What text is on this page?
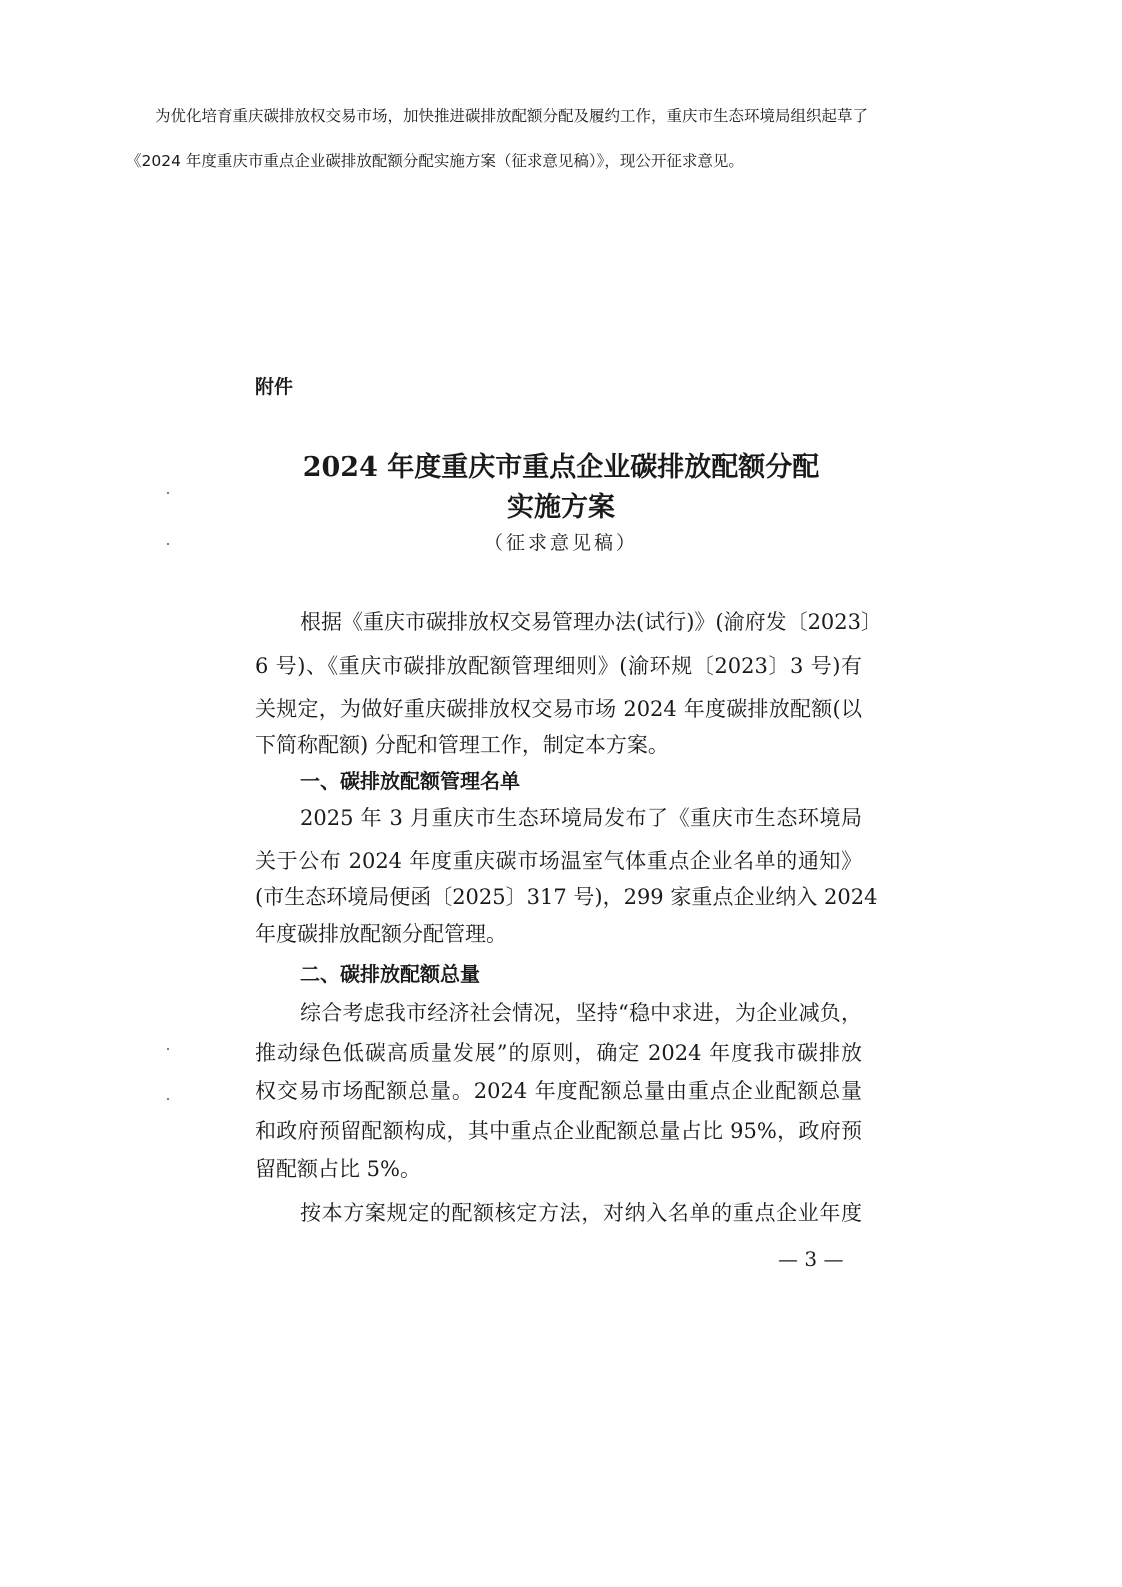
为优化培育重庆碳排放权交易市场，加快推进碳排放配额分配及履约工作，重庆市生态环境局组织起草了
《2024 年度重庆市重点企业碳排放配额分配实施方案（征求意见稿）》，现公开征求意见。
附件
2024 年度重庆市重点企业碳排放配额分配
实施方案
（征求意见稿）
根据《重庆市碳排放权交易管理办法(试行)》(渝府发〔2023〕
6 号)、《重庆市碳排放配额管理细则》(渝环规〔2023〕3 号)有
关规定，为做好重庆碳排放权交易市场 2024 年度碳排放配额(以
下简称配额) 分配和管理工作，制定本方案。
一、碳排放配额管理名单
2025 年 3 月重庆市生态环境局发布了《重庆市生态环境局
关于公布 2024 年度重庆碳市场温室气体重点企业名单的通知》
(市生态环境局便函〔2025〕317 号)，299 家重点企业纳入 2024
年度碳排放配额分配管理。
二、碳排放配额总量
综合考虑我市经济社会情况，坚持“稳中求进，为企业减负，
推动绿色低碳高质量发展”的原则，确定 2024 年度我市碳排放
权交易市场配额总量。2024 年度配额总量由重点企业配额总量
和政府预留配额构成，其中重点企业配额总量占比 95%，政府预
留配额占比 5%。
按本方案规定的配额核定方法，对纳入名单的重点企业年度
— 3 —
